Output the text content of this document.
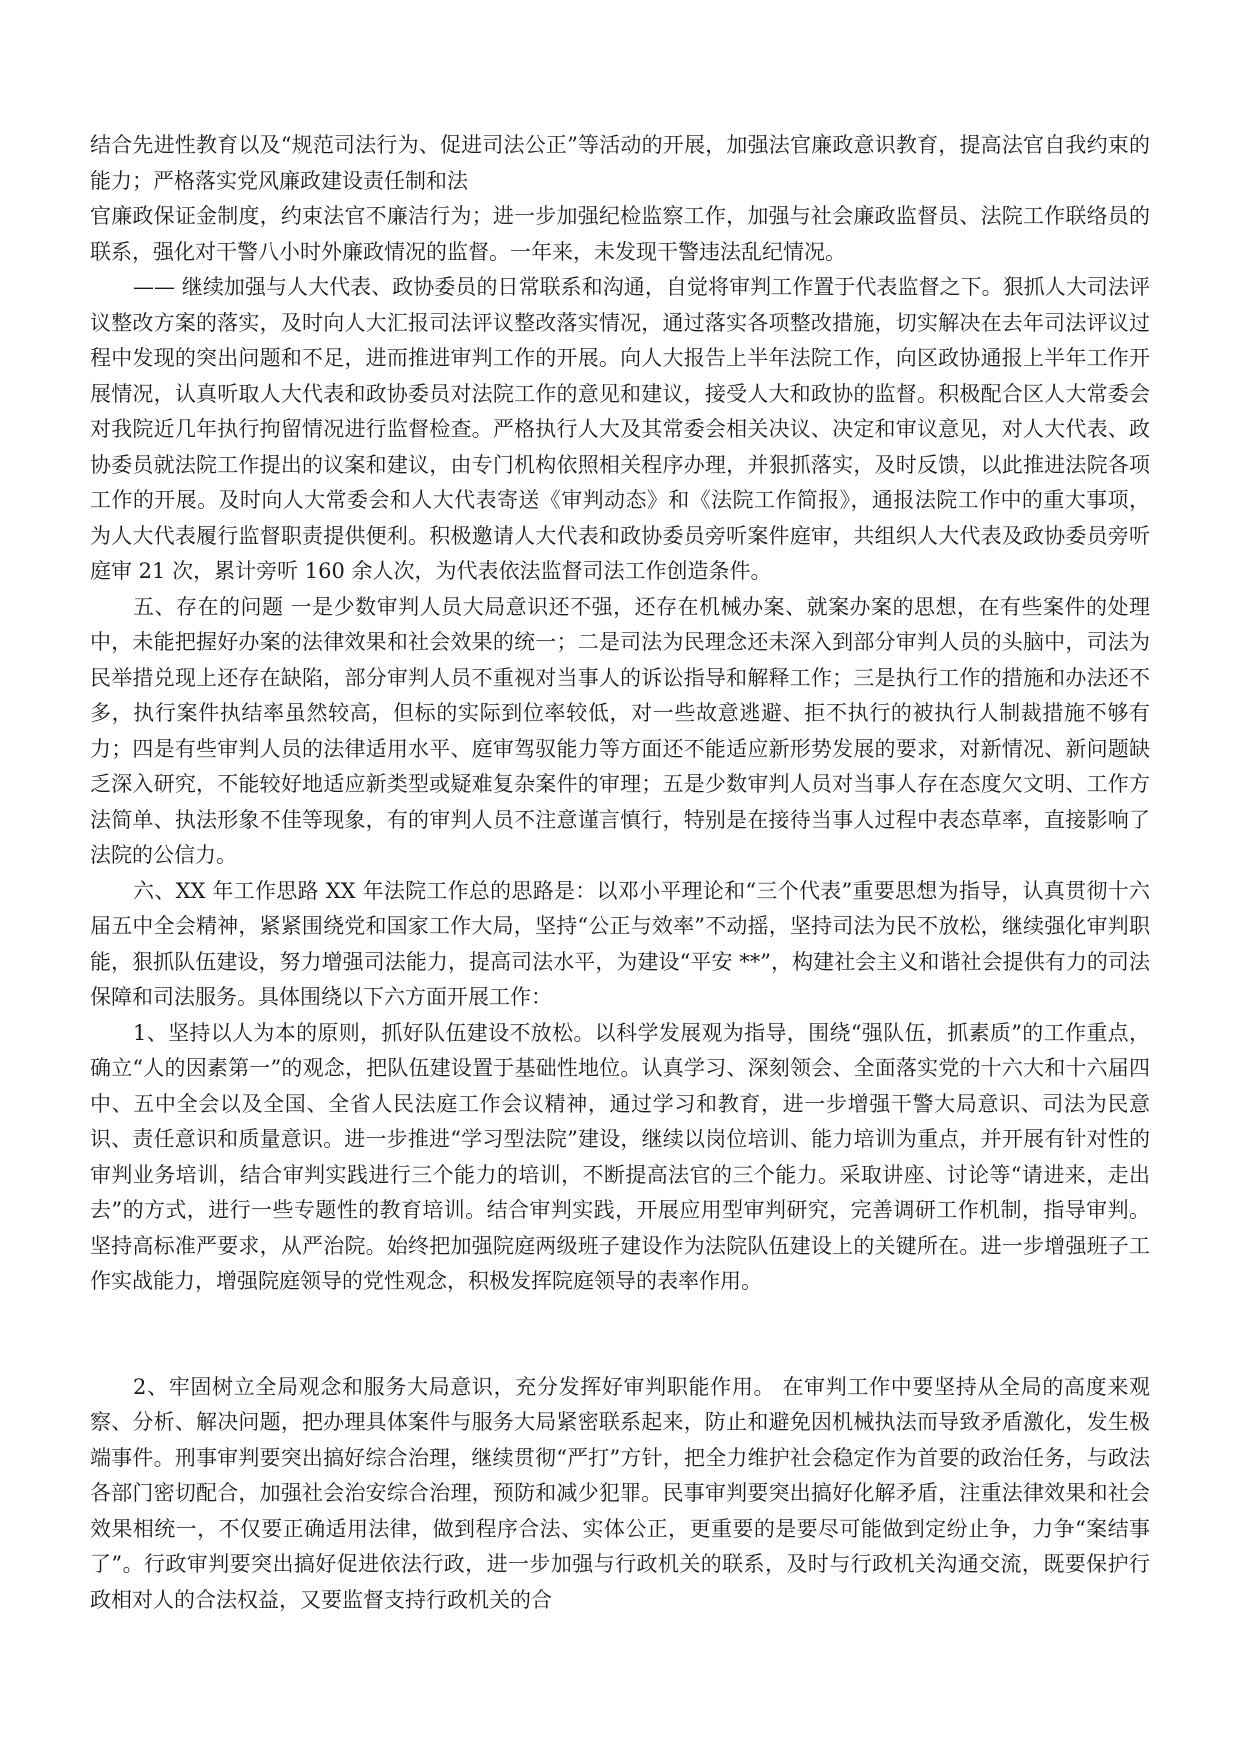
结合先进性教育以及“规范司法行为、促进司法公正”等活动的开展，加强法官廉政意识教育，提高法官自我约束的能力；严格落实党风廉政建设责任制和法

官廉政保证金制度，约束法官不廉洁行为；进一步加强纪检监察工作，加强与社会廉政监督员、法院工作联络员的联系，强化对干警八小时外廉政情况的监督。一年来，未发现干警违法乱纪情况。

—— 继续加强与人大代表、政协委员的日常联系和沟通，自觉将审判工作置于代表监督之下。狠抓人大司法评议整改方案的落实，及时向人大汇报司法评议整改落实情况，通过落实各项整改措施，切实解决在去年司法评议过程中发现的突出问题和不足，进而推进审判工作的开展。向人大报告上半年法院工作，向区政协通报上半年工作开展情况，认真听取人大代表和政协委员对法院工作的意见和建议，接受人大和政协的监督。积极配合区人大常委会对我院近几年执行拘留情况进行监督检查。严格执行人大及其常委会相关决议、决定和审议意见，对人大代表、政协委员就法院工作提出的议案和建议，由专门机构依照相关程序办理，并狠抓落实，及时反馈，以此推进法院各项工作的开展。及时向人大常委会和人大代表寄送《审判动态》和《法院工作简报》，通报法院工作中的重大事项，为人大代表履行监督职责提供便利。积极邀请人大代表和政协委员旁听案件庭审，共组织人大代表及政协委员旁听庭审 21 次，累计旁听 160 余人次，为代表依法监督司法工作创造条件。

五、存在的问题 一是少数审判人员大局意识还不强，还存在机械办案、就案办案的思想，在有些案件的处理中，未能把握好办案的法律效果和社会效果的统一；二是司法为民理念还未深入到部分审判人员的头脑中，司法为民举措兑现上还存在缺陷，部分审判人员不重视对当事人的诉讼指导和解释工作；三是执行工作的措施和办法还不多，执行案件执结率虽然较高，但标的实际到位率较低，对一些故意逃避、拒不执行的被执行人制裁措施不够有力；四是有些审判人员的法律适用水平、庭审驾驭能力等方面还不能适应新形势发展的要求，对新情况、新问题缺乏深入研究，不能较好地适应新类型或疑难复杂案件的审理；五是少数审判人员对当事人存在态度欠文明、工作方法简单、执法形象不佳等现象，有的审判人员不注意谨言慎行，特别是在接待当事人过程中表态草率，直接影响了法院的公信力。

六、XX 年工作思路 XX 年法院工作总的思路是：以邓小平理论和“三个代表”重要思想为指导，认真贯彻十六届五中全会精神，紧紧围绕党和国家工作大局，坚持“公正与效率”不动摇，坚持司法为民不放松，继续强化审判职能，狠抓队伍建设，努力增强司法能力，提高司法水平，为建设“平安 **”，构建社会主义和谐社会提供有力的司法保障和司法服务。具体围绕以下六方面开展工作：

1、坚持以人为本的原则，抓好队伍建设不放松。以科学发展观为指导，围绕“强队伍，抓素质”的工作重点，确立“人的因素第一”的观念，把队伍建设置于基础性地位。认真学习、深刻领会、全面落实党的十六大和十六届四中、五中全会以及全国、全省人民法庭工作会议精神，通过学习和教育，进一步增强干警大局意识、司法为民意识、责任意识和质量意识。进一步推进“学习型法院”建设，继续以岗位培训、能力培训为重点，并开展有针对性的审判业务培训，结合审判实践进行三个能力的培训，不断提高法官的三个能力。采取讲座、讨论等“请进来，走出去”的方式，进行一些专题性的教育培训。结合审判实践，开展应用型审判研究，完善调研工作机制，指导审判。坚持高标准严要求，从严治院。始终把加强院庭两级班子建设作为法院队伍建设上的关键所在。进一步增强班子工作实战能力，增强院庭领导的党性观念，积极发挥院庭领导的表率作用。

2、牢固树立全局观念和服务大局意识，充分发挥好审判职能作用。 在审判工作中要坚持从全局的高度来观察、分析、解决问题，把办理具体案件与服务大局紧密联系起来，防止和避免因机械执法而导致矛盾激化，发生极端事件。刑事审判要突出搞好综合治理，继续贯彻“严打”方针，把全力维护社会稳定作为首要的政治任务，与政法各部门密切配合，加强社会治安综合治理，预防和减少犯罪。民事审判要突出搞好化解矛盾，注重法律效果和社会效果相统一，不仅要正确适用法律，做到程序合法、实体公正，更重要的是要尽可能做到定纷止争，力争“案结事了”。行政审判要突出搞好促进依法行政，进一步加强与行政机关的联系，及时与行政机关沟通交流，既要保护行政相对人的合法权益，又要监督支持行政机关的合
